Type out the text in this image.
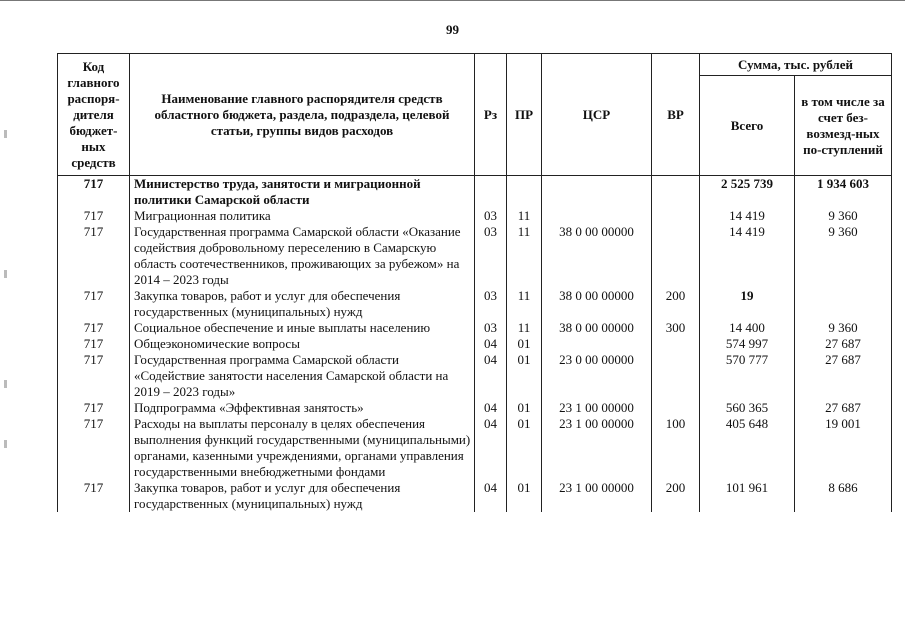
99
Код главного распоря-дителя бюджет-ных средств	Наименование главного распорядителя средств областного бюджета, раздела, подраздела, целевой статьи, группы видов расходов	Рз	ПР	ЦСР	ВР	Сумма, тыс. рублей	
						Всего	в том числе за счет без-возмезд-ных по-ступлений
717	Министерство труда, занятости и миграционной политики Самарской области					2 525 739	1 934 603
717	Миграционная политика	03	11			14 419	9 360
717	Государственная программа Самарской области «Оказание содействия добровольному переселению в Самарскую область соотечественников, проживающих за рубежом» на 2014 – 2023 годы	03	11	38 0 00 00000		14 419	9 360
717	Закупка товаров, работ и услуг для обеспечения государственных (муниципальных) нужд	03	11	38 0 00 00000	200	19	
717	Социальное обеспечение и иные выплаты населению	03	11	38 0 00 00000	300	14 400	9 360
717	Общеэкономические вопросы	04	01			574 997	27 687
717	Государственная программа Самарской области «Содействие занятости населения Самарской области на 2019 – 2023 годы»	04	01	23 0 00 00000		570 777	27 687
717	Подпрограмма «Эффективная занятость»	04	01	23 1 00 00000		560 365	27 687
717	Расходы на выплаты персоналу в целях обеспечения выполнения функций государственными (муниципальными) органами, казенными учреждениями, органами управления государственными внебюджетными фондами	04	01	23 1 00 00000	100	405 648	19 001
717	Закупка товаров, работ и услуг для обеспечения государственных (муниципальных) нужд	04	01	23 1 00 00000	200	101 961	8 686
